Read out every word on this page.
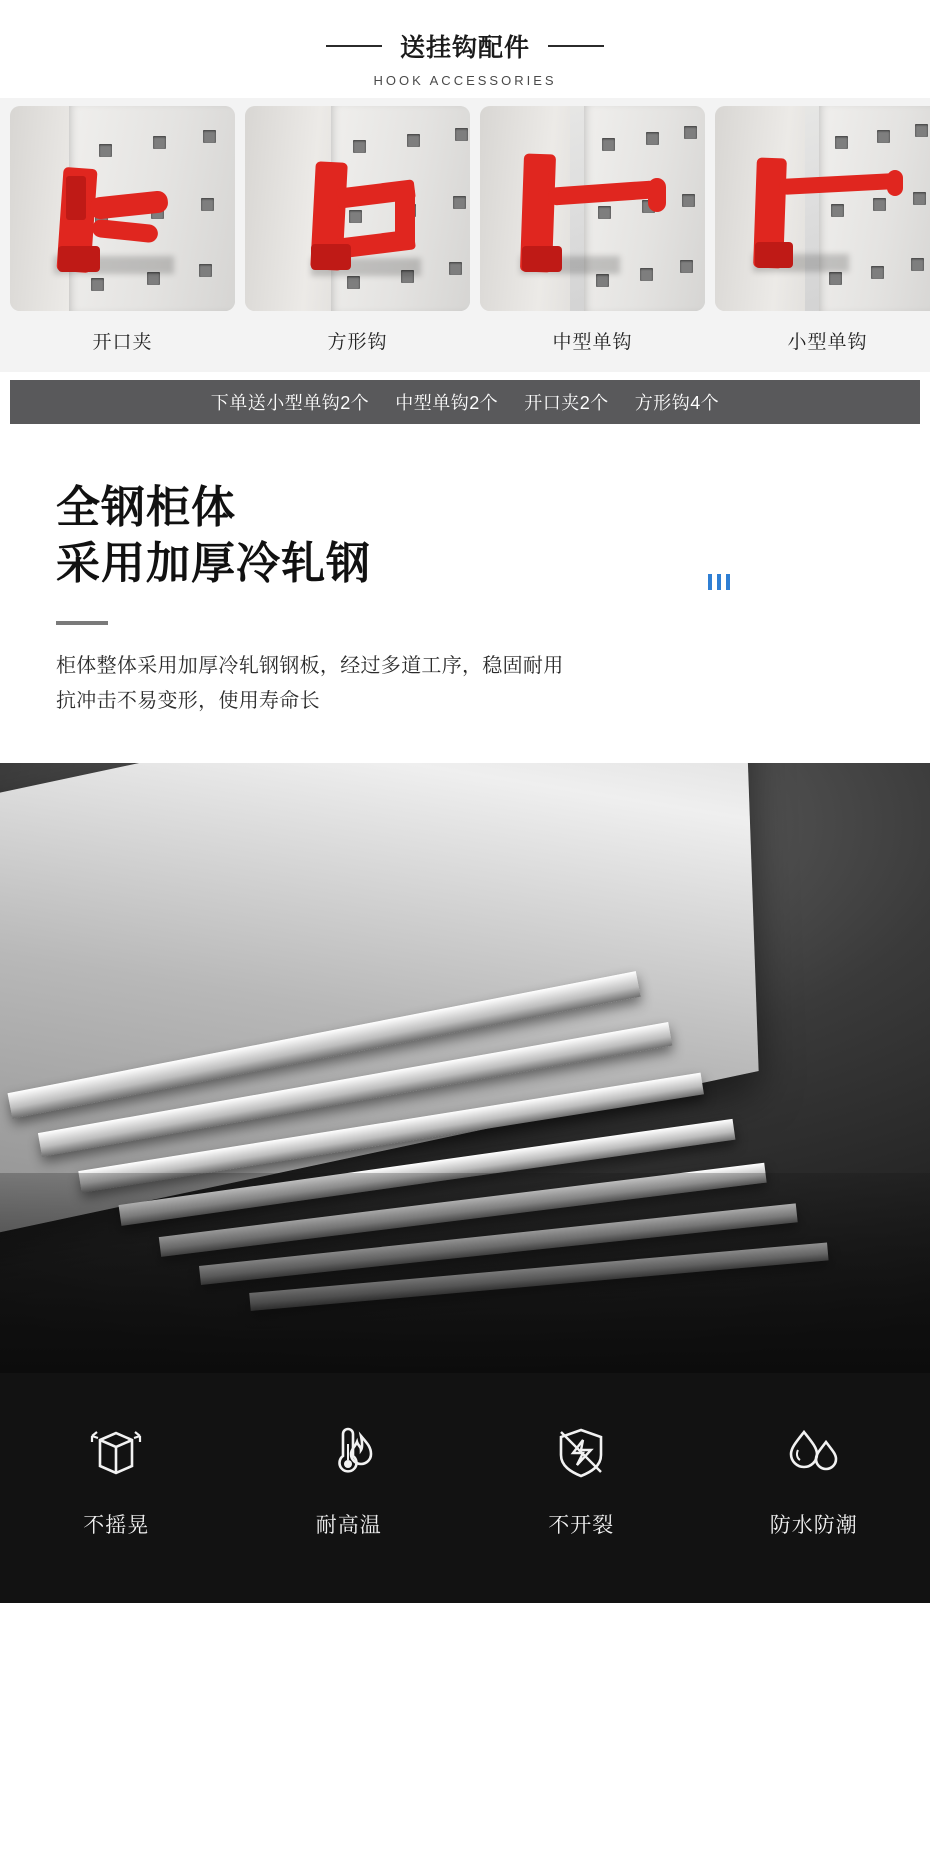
送挂钩配件
HOOK ACCESSORIES
开口夹	方形钩	中型单钩	小型单钩
下单送小型单钩2个 中型单钩2个 开口夹2个 方形钩4个
全钢柜体
采用加厚冷轧钢
柜体整体采用加厚冷轧钢钢板，经过多道工序，稳固耐用
抗冲击不易变形，使用寿命长
不摇晃	耐高温	不开裂	防水防潮
